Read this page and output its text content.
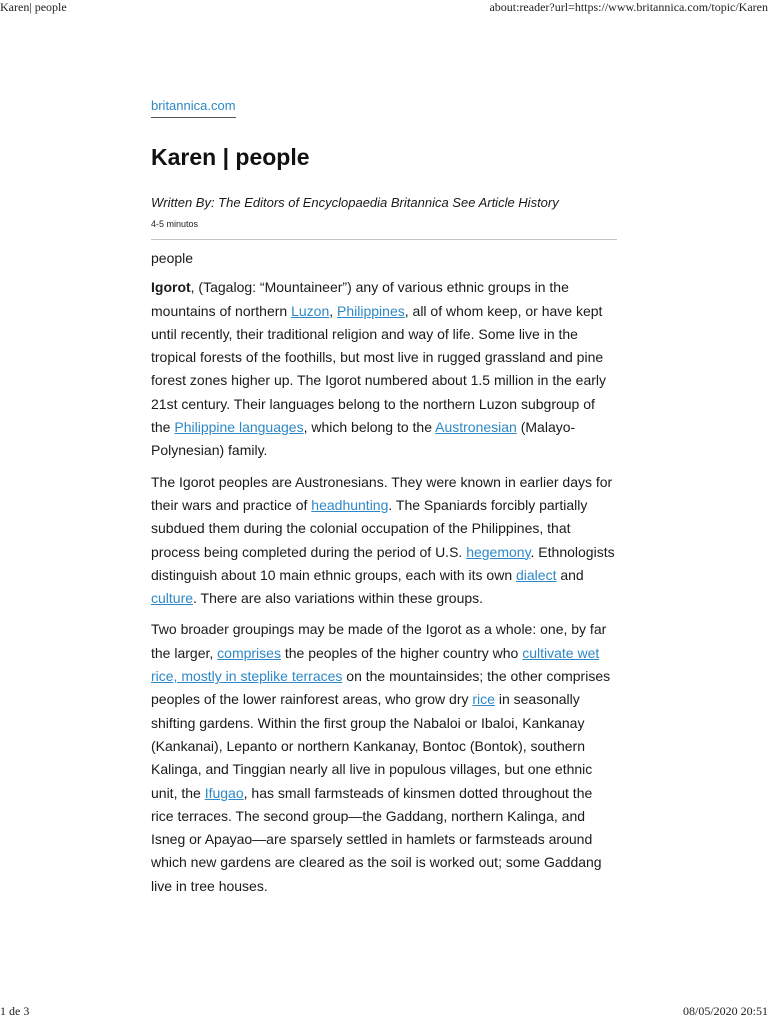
Karen| people	about:reader?url=https://www.britannica.com/topic/Karen
britannica.com
Karen | people
Written By: The Editors of Encyclopaedia Britannica See Article History
4-5 minutos

people

Igorot, (Tagalog: “Mountaineer”) any of various ethnic groups in the mountains of northern Luzon, Philippines, all of whom keep, or have kept until recently, their traditional religion and way of life. Some live in the tropical forests of the foothills, but most live in rugged grassland and pine forest zones higher up. The Igorot numbered about 1.5 million in the early 21st century. Their languages belong to the northern Luzon subgroup of the Philippine languages, which belong to the Austronesian (Malayo-Polynesian) family.

The Igorot peoples are Austronesians. They were known in earlier days for their wars and practice of headhunting. The Spaniards forcibly partially subdued them during the colonial occupation of the Philippines, that process being completed during the period of U.S. hegemony. Ethnologists distinguish about 10 main ethnic groups, each with its own dialect and culture. There are also variations within these groups.

Two broader groupings may be made of the Igorot as a whole: one, by far the larger, comprises the peoples of the higher country who cultivate wet rice, mostly in steplike terraces on the mountainsides; the other comprises peoples of the lower rainforest areas, who grow dry rice in seasonally shifting gardens. Within the first group the Nabaloi or Ibaloi, Kankanay (Kankanai), Lepanto or northern Kankanay, Bontoc (Bontok), southern Kalinga, and Tinggian nearly all live in populous villages, but one ethnic unit, the Ifugao, has small farmsteads of kinsmen dotted throughout the rice terraces. The second group—the Gaddang, northern Kalinga, and Isneg or Apayao—are sparsely settled in hamlets or farmsteads around which new gardens are cleared as the soil is worked out; some Gaddang live in tree houses.

1 de 3	08/05/2020 20:51
